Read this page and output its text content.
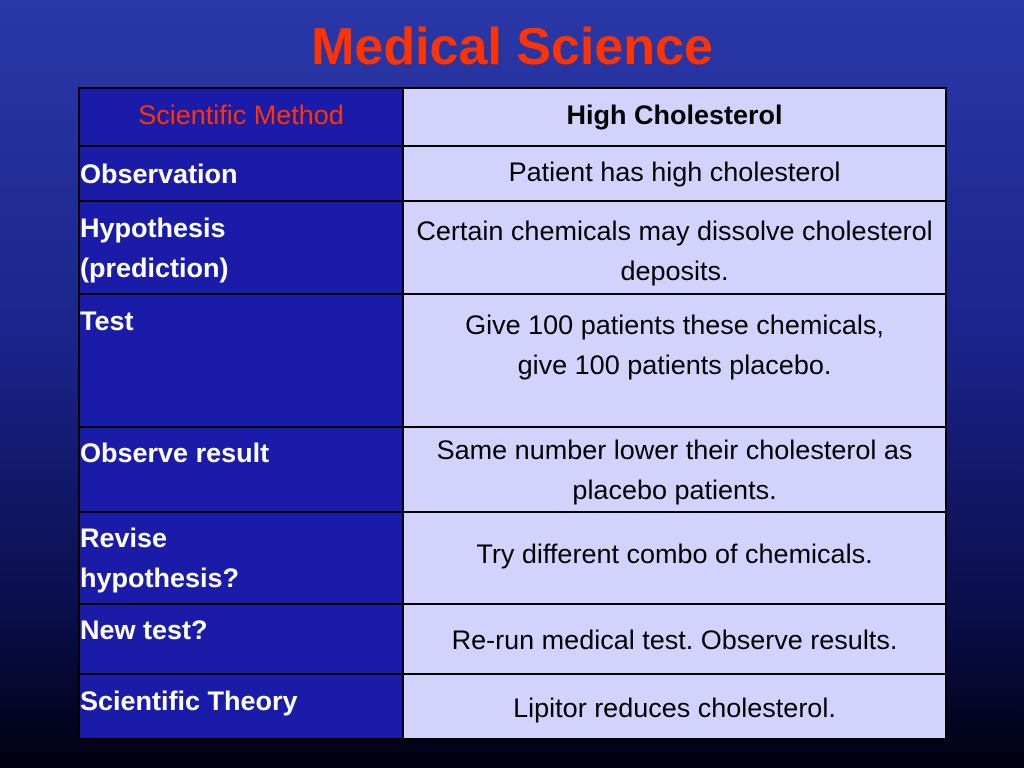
Medical Science
Scientific Method	High Cholesterol
Observation	Patient has high cholesterol
Hypothesis (prediction)	Certain chemicals may dissolve cholesterol deposits.
Test	Give 100 patients these chemicals, give 100 patients placebo.
Observe result	Same number lower their cholesterol as placebo patients.
Revise hypothesis?	Try different combo of chemicals.
New test?	Re-run medical test. Observe results.
Scientific Theory	Lipitor reduces cholesterol.
